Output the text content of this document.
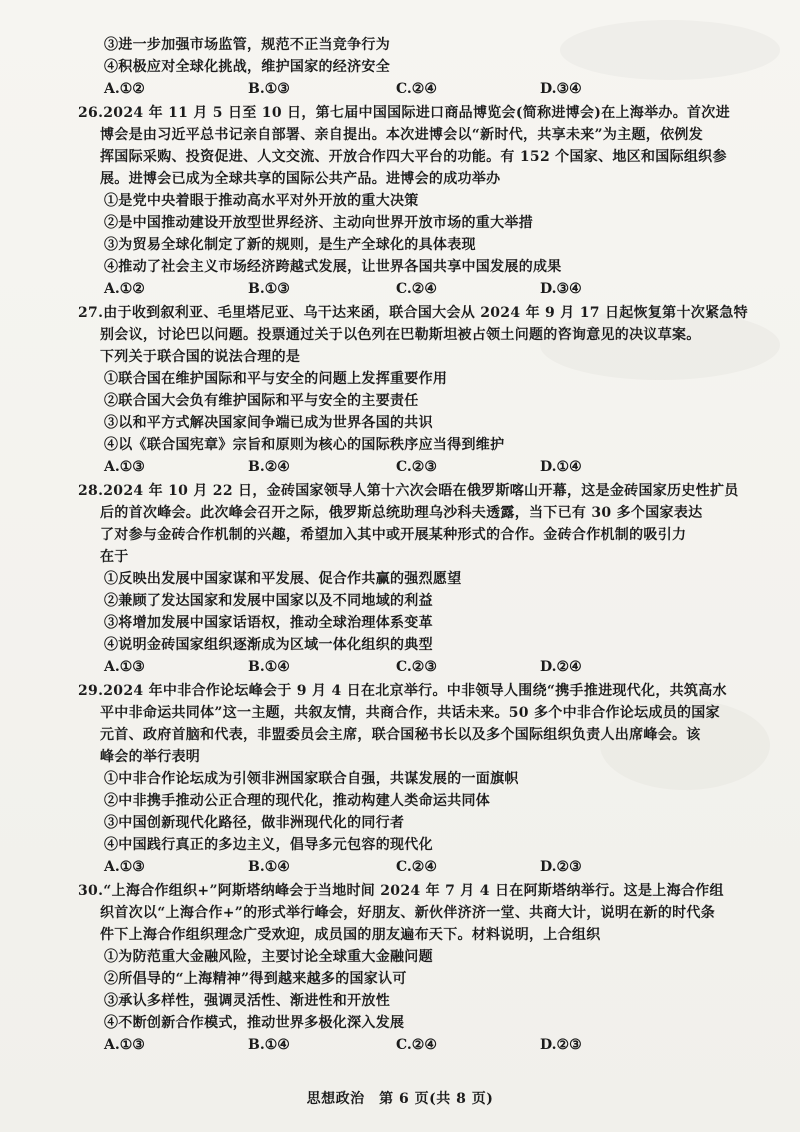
③进一步加强市场监管，规范不正当竞争行为
④积极应对全球化挑战，维护国家的经济安全
A.①②	B.①③	C.②④	D.③④
26.2024 年 11 月 5 日至 10 日，第七届中国国际进口商品博览会(简称进博会)在上海举办。首次进
博会是由习近平总书记亲自部署、亲自提出。本次进博会以“新时代，共享未来”为主题，依例发
挥国际采购、投资促进、人文交流、开放合作四大平台的功能。有 152 个国家、地区和国际组织参
展。进博会已成为全球共享的国际公共产品。进博会的成功举办
①是党中央着眼于推动高水平对外开放的重大决策
②是中国推动建设开放型世界经济、主动向世界开放市场的重大举措
③为贸易全球化制定了新的规则，是生产全球化的具体表现
④推动了社会主义市场经济跨越式发展，让世界各国共享中国发展的成果
A.①②	B.①③	C.②④	D.③④
27.由于收到叙利亚、毛里塔尼亚、乌干达来函，联合国大会从 2024 年 9 月 17 日起恢复第十次紧急特
别会议，讨论巴以问题。投票通过关于以色列在巴勒斯坦被占领土问题的咨询意见的决议草案。
下列关于联合国的说法合理的是
①联合国在维护国际和平与安全的问题上发挥重要作用
②联合国大会负有维护国际和平与安全的主要责任
③以和平方式解决国家间争端已成为世界各国的共识
④以《联合国宪章》宗旨和原则为核心的国际秩序应当得到维护
A.①③	B.②④	C.②③	D.①④
28.2024 年 10 月 22 日，金砖国家领导人第十六次会晤在俄罗斯喀山开幕，这是金砖国家历史性扩员
后的首次峰会。此次峰会召开之际，俄罗斯总统助理乌沙科夫透露，当下已有 30 多个国家表达
了对参与金砖合作机制的兴趣，希望加入其中或开展某种形式的合作。金砖合作机制的吸引力
在于
①反映出发展中国家谋和平发展、促合作共赢的强烈愿望
②兼顾了发达国家和发展中国家以及不同地域的利益
③将增加发展中国家话语权，推动全球治理体系变革
④说明金砖国家组织逐渐成为区域一体化组织的典型
A.①③	B.①④	C.②③	D.②④
29.2024 年中非合作论坛峰会于 9 月 4 日在北京举行。中非领导人围绕“携手推进现代化，共筑高水
平中非命运共同体”这一主题，共叙友情，共商合作，共话未来。50 多个中非合作论坛成员的国家
元首、政府首脑和代表，非盟委员会主席，联合国秘书长以及多个国际组织负责人出席峰会。该
峰会的举行表明
①中非合作论坛成为引领非洲国家联合自强，共谋发展的一面旗帜
②中非携手推动公正合理的现代化，推动构建人类命运共同体
③中国创新现代化路径，做非洲现代化的同行者
④中国践行真正的多边主义，倡导多元包容的现代化
A.①③	B.①④	C.②④	D.②③
30.“上海合作组织+”阿斯塔纳峰会于当地时间 2024 年 7 月 4 日在阿斯塔纳举行。这是上海合作组
织首次以“上海合作+”的形式举行峰会，好朋友、新伙伴济济一堂、共商大计，说明在新的时代条
件下上海合作组织理念广受欢迎，成员国的朋友遍布天下。材料说明，上合组织
①为防范重大金融风险，主要讨论全球重大金融问题
②所倡导的“上海精神”得到越来越多的国家认可
③承认多样性，强调灵活性、渐进性和开放性
④不断创新合作模式，推动世界多极化深入发展
A.①③	B.①④	C.②④	D.②③
思想政治　第 6 页(共 8 页)
